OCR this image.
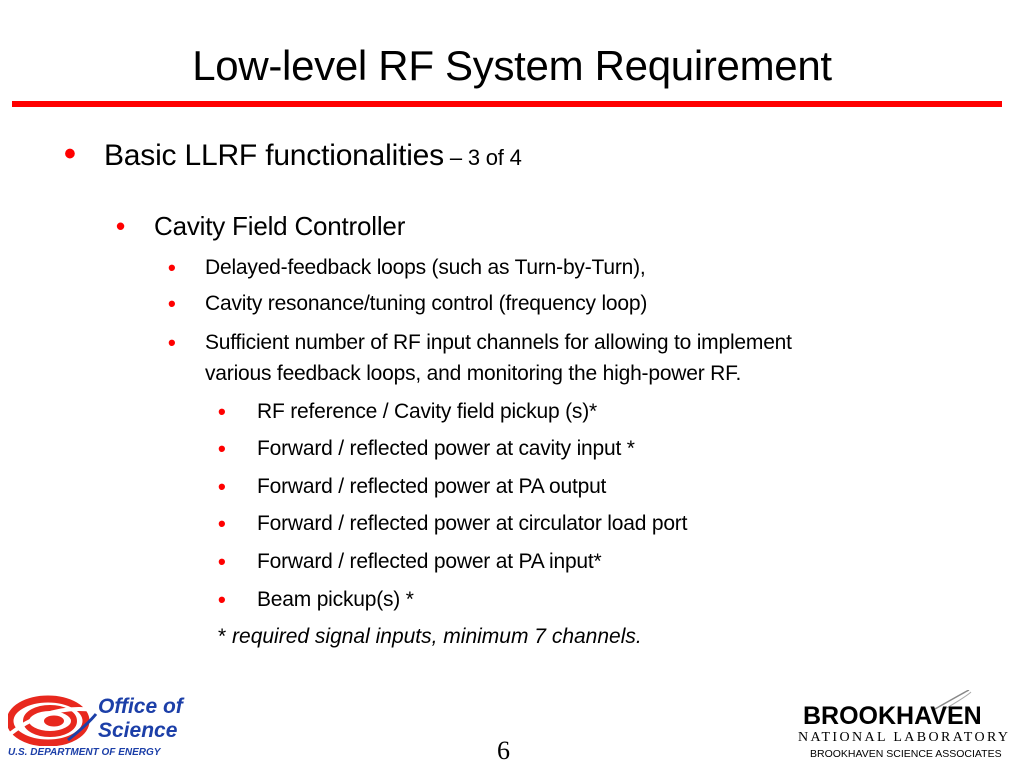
Low-level RF System Requirement
• Basic LLRF functionalities – 3 of 4
• Cavity Field Controller
• Delayed-feedback loops (such as Turn-by-Turn),
• Cavity resonance/tuning control (frequency loop)
• Sufficient number of RF input channels for allowing to implement
various feedback loops, and monitoring the high-power RF.
• RF reference / Cavity field pickup (s)*
• Forward / reflected power at cavity input *
• Forward / reflected power at PA output
• Forward / reflected power at circulator load port
• Forward / reflected power at PA input*
• Beam pickup(s) *
* required signal inputs, minimum 7 channels.
6
Office of
Science
U.S. DEPARTMENT OF ENERGY
BROOKHAVEN
NATIONAL LABORATORY
BROOKHAVEN SCIENCE ASSOCIATES
